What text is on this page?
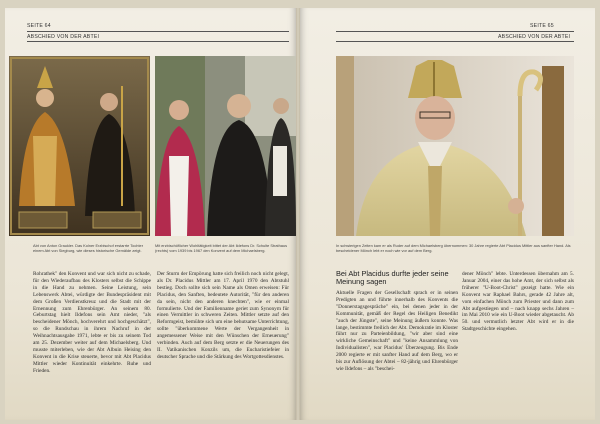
SEITE 64
ABSCHIED VON DER ABTEI
Abt von Anton Graukler. Das Kolner Erzbischof erstarrte Tochter einem Abt von Siegburg, wie dieses historische Gemälde zeigt.
Mit erzbischöflicher Wohltätigkeit bittet der Abt Ildefons Dr. Schulte Strathaus (rechts) vom 1939 bis 1967 den Konvent auf dem Michaelsberg.

Rohrathek" den Konvent und war sich nicht zu schade, für den Wiederaufbau des Klosters selbst die Schippe in die Hand zu nehmen. Seine Leistung, sein Lebenswerk Abtei, würdigte der Bundespräsident mit dem Großen Verdienstkreuz und die Stadt mit der Ernennung zum Ehrenbürger. An seinem 80. Geburtstag hielt Ildefons sein Amt nieder, "als bescheidener Mönch, hochverehrt und hochgeschätzt", so die Rundschau in ihrem Nachruf in der Weihnachtsausgabe 1971, lebte er bis zu seinem Tod am 25. Dezember weiter auf dem Michaelsberg. Und musste miterleben, wie der Abt Albuin Heising den Konvent in die Krise steuerte, bevor mit Abt Placidus Mittler wieder Kontinuität einkehrte. Ruhe und Frieden.

Der Sturm der Empörung hatte sich freilich noch nicht gelegt, als Dr. Placidus Mittler am 17. April 1970 den Abtstuhl bestieg. Doch sollte sich sein Name als Omen erweisen: Für Placidus, den Sanften, bedeutete Autorität, "für den anderen da sein, nicht den anderen knechten", wie er einmal formulierte. Und der Familienname geriet zum Synonym für einen Vermittler in schweren Zeiten. Mittler setzte auf den Reformgeist, bemühte sich um eine behutsame Unterrichtung, sollte "überkommene Werte der Vergangenheit in angemessener Weise mit den Wünschen der Erneuerung" verbinden. Auch auf dem Berg setzte er die Neuerungen des II. Vatikanischen Konzils um, die Eucharistiefeier in deutscher Sprache und die Stärkung des Wortgottesdienstes.

SEITE 65
ABSCHIED VON DER ABTEI
In schwierigen Zeiten kam er als Ruder auf dem Michaelsberg übernommen: 30 Jahre regierte Abt Placidus Mittler aus sanfter Hand. Als bescheidener Mönch lebt er noch wie vor auf dem Berg.
Bei Abt Placidus durfte jeder seine Meinung sagen

Aktuelle Fragen der Gesellschaft sprach er in seinen Predigten an und führte innerhalb des Konvents die "Donnerstagsgespräche" ein, bei denen jeder in der Kommunität, gemäß der Regel des Heiligen Benedikt "auch der Jüngste", seine Meinung äußern konnte. Was lange, bestimmte freilich der Abt. Demokratie im Kloster führt nur zu Parteienbildung, "wir aber sind eine wirkliche Gemeinschaft" und "keine Ansammlung von Individualisten", war Placidus' Überzeugung. Bis Ende 2000 regierte er mit sanfter Hand auf dem Berg, wo er bis zur Auflösung der Abtei – 82-jährig und Ehrenbürger wie Ildefons – als "beschei-

dener Mönch" lebte. Unterdessen übernahm am 5. Januar 2004, einer das hohe Amt, der sich selbst als früherer "U-Boot-Christ" gezeigt hatte. Wie ein Konvent war Raphael Bahrs, gerade 42 Jahre alt, vom einfachen Mönch zum Priester und dann zum Abt aufgestiegen und – nach knapp sechs Jahren – im Mai 2010 wie ein U-Boot wieder abgetaucht. Ab 50. und vermutlich letzter Abt wird er in die Stadtgeschichte eingehen.
